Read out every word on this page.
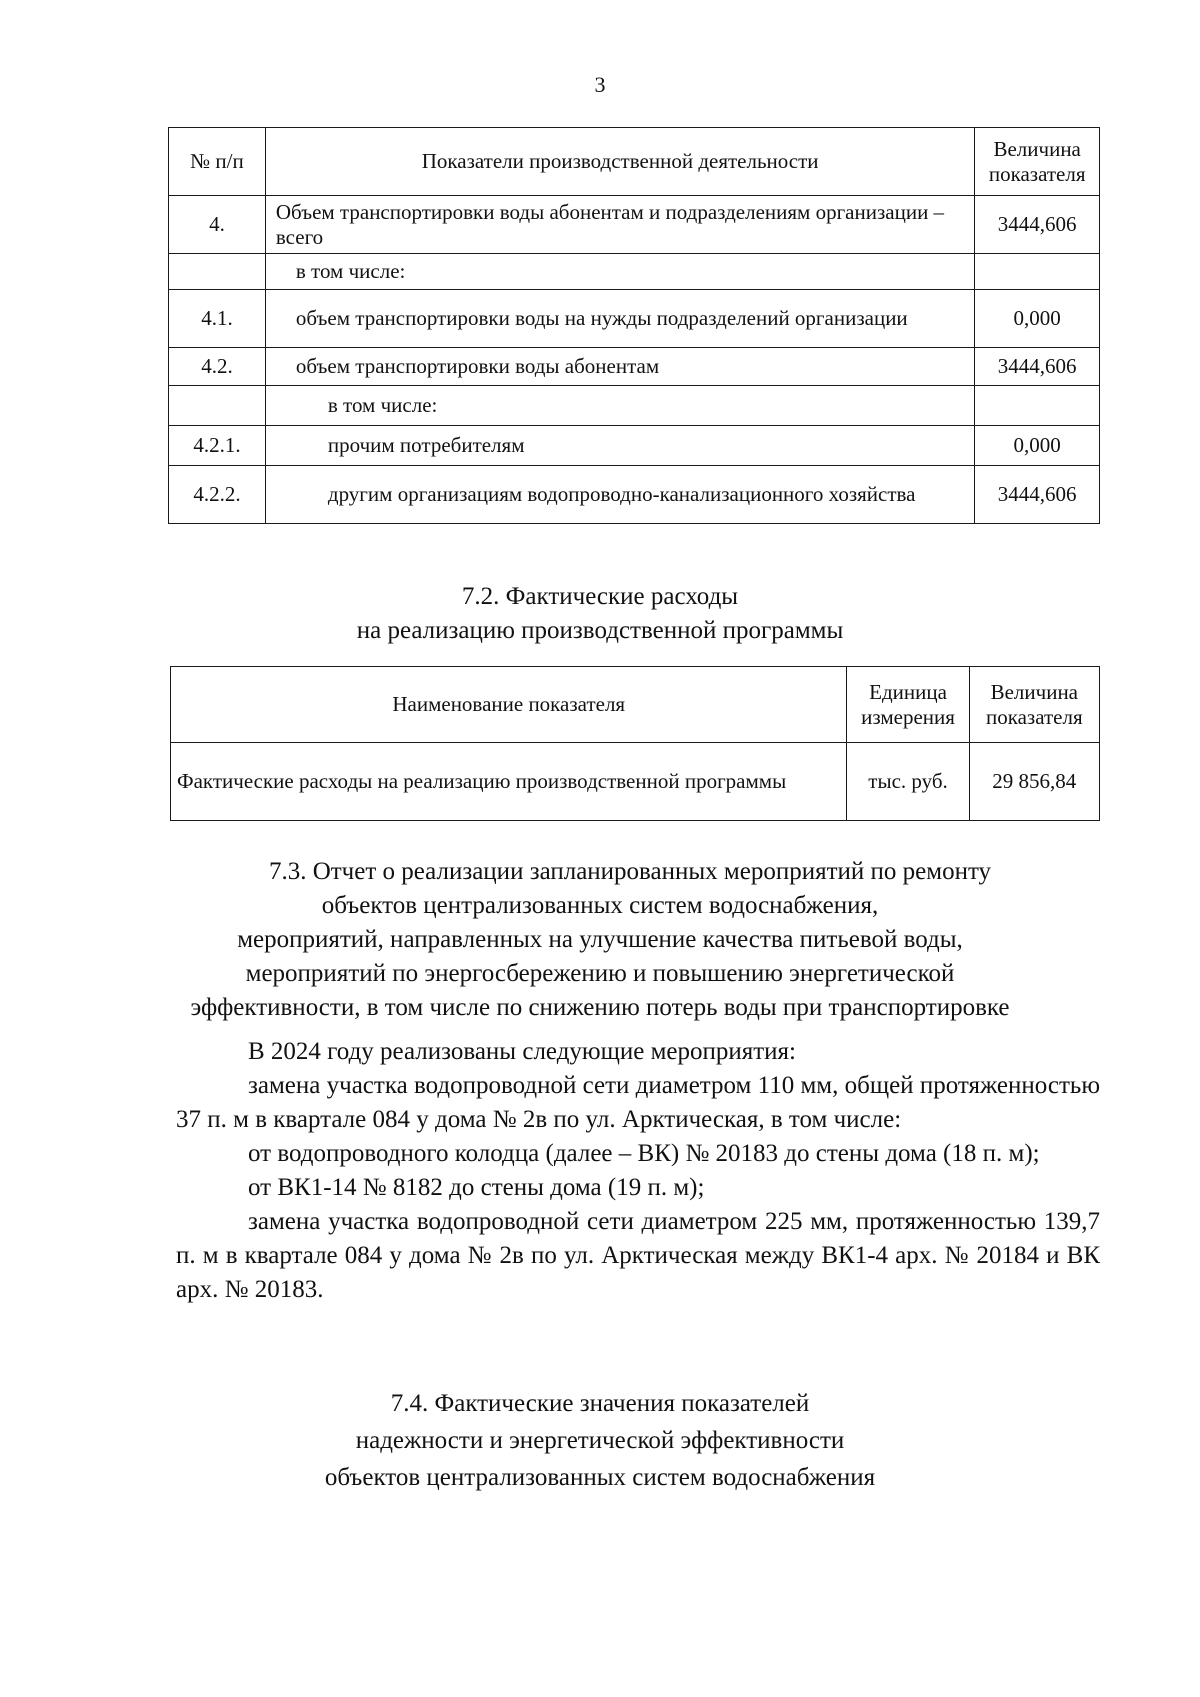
3
№ п/п	Показатели производственной деятельности	Величина показателя
4.	Объем транспортировки воды абонентам и подразделениям организации – всего	3444,606
	в том числе:	
4.1.	объем транспортировки воды на нужды подразделений организации	0,000
4.2.	объем транспортировки воды абонентам	3444,606
	в том числе:	
4.2.1.	прочим потребителям	0,000
4.2.2.	другим организациям водопроводно-канализационного хозяйства	3444,606
7.2. Фактические расходы
на реализацию производственной программы
Наименование показателя	Единица измерения	Величина показателя
Фактические расходы на реализацию производственной программы	тыс. руб.	29 856,84
7.3. Отчет о реализации запланированных мероприятий по ремонту
объектов централизованных систем водоснабжения,
мероприятий, направленных на улучшение качества питьевой воды,
мероприятий по энергосбережению и повышению энергетической
эффективности, в том числе по снижению потерь воды при транспортировке

В 2024 году реализованы следующие мероприятия:

замена участка водопроводной сети диаметром 110 мм, общей протяженностью 37 п. м в квартале 084 у дома № 2в по ул. Арктическая, в том числе:

от водопроводного колодца (далее – ВК) № 20183 до стены дома (18 п. м);

от ВК1-14 № 8182 до стены дома (19 п. м);

замена участка водопроводной сети диаметром 225 мм, протяженностью 139,7 п. м в квартале 084 у дома № 2в по ул. Арктическая между ВК1-4 арх. № 20184 и ВК арх. № 20183.

7.4. Фактические значения показателей
надежности и энергетической эффективности
объектов централизованных систем водоснабжения
